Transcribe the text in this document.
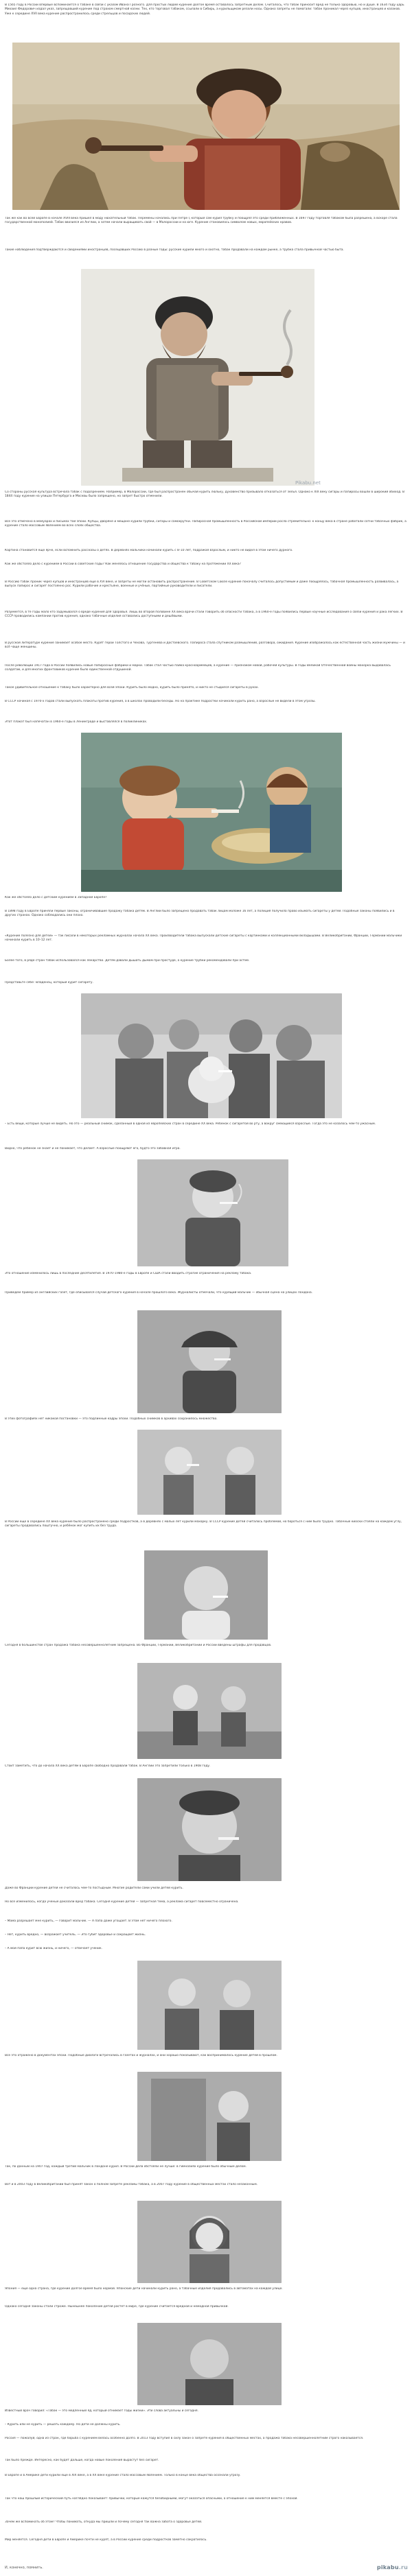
В 1565 году в России впервые вспоминается о табаке в связи с указом Ивана Грозного. Для простых людей курение долгое время оставалось запретным делом. Считалось, что табак приносит вред не только здоровью, но и душе. В 1634 году царь Михаил Федорович издал указ, запрещавший курение под страхом смертной казни. Тех, кто торговал табаком, ссылали в Сибирь, а курильщикам резали носы. Однако запреты не помогали: табак проникал через купцов, иностранцев и казаков. Уже к середине XVII века курение распространилось среди стрельцов и посадских людей.
Так же как во всей Европе в начале XVIII века пришёл в моду нюхательный табак. Перемены начались при Петре I, который сам курил трубку и поощрял это среди приближённых. В 1697 году торговля табаком была разрешена, а вскоре стала государственной монополией. Табак ввозился из Англии, а затем начали выращивать свой — в Малороссии и на юге. Курение становилось символом новых, европейских нравов.
Такие наблюдения подтверждаются и сведениями иностранцев, посещавших Россию в разные годы: русские курили много и охотно, табак продавали на каждом рынке, а трубка стала привычной частью быта.
Pikabu.net
Со стороны русская культура встречала табак с подозрением. Например, в Малороссии, где был распространён обычай курить люльку, духовенство призывало отказаться от зелья. Однако к XIX веку сигары и папиросы вошли в широкий обиход. В 1844 году курение на улицах Петербурга и Москвы было запрещено, но запрет быстро отменили.
Всё это отмечено в мемуарах и письмах той эпохи. Купцы, дворяне и мещане курили трубки, сигары и самокрутки. Папиросная промышленность в Российской империи росла стремительно: к концу века в стране работали сотни табачных фабрик, а курение стало массовым явлением во всех слоях общества.
Картина становится ещё ярче, если вспомнить рассказы о детях. В деревнях мальчики начинали курить с 8–10 лет, подражая взрослым, и никто не видел в этом ничего дурного.
Как же обстояло дело с курением в России в советские годы? Как менялось отношение государства и общества к табаку на протяжении XX века?
В Россию табак проник через купцов и иностранцев ещё в XVI веке, и запреты не могли остановить распространение. В Советском Союзе курение поначалу считалось допустимым и даже поощрялось, табачная промышленность развивалась, а выпуск папирос и сигарет постоянно рос. Курили рабочие и крестьяне, военные и учёные, партийные руководители и писатели.
Разумеется, в те годы мало кто задумывался о вреде курения для здоровья. Лишь во второй половине XX века врачи стали говорить об опасности табака, а в 1960-е годы появились первые научные исследования о связи курения и рака лёгких. В СССР проводились кампании против курения, однако табачные изделия оставались доступными и дешёвыми.
В русской литературе курение занимает особое место. Курят герои Толстого и Чехова, Тургенева и Достоевского. Папироса стала спутником размышлений, разговора, ожидания. Курение изображалось как естественная часть жизни мужчины — и всё чаще женщины.
После революции 1917 года в России появились новые папиросные фабрики и марки. Табак стал частью пайка красноармейцев, а курение — признаком новой, рабочей культуры. В годы Великой Отечественной войны махорка выдавалась солдатам, и для многих фронтовиков курение было единственной отдушиной.
Такое удивительное отношение к табаку было характерно для всей эпохи. Курить было модно, курить было принято, и никто не стыдился сигареты в руках.
В СССР начиная с 1970-х годов стали выпускать плакаты против курения, а в школах проводили беседы. Но на практике подростки начинали курить рано, а взрослые не видели в этом угрозы.
Этот плакат был напечатан в 1960-е годы в Ленинграде и выставлялся в поликлиниках.
Как же обстояло дело с детским курением в Западной Европе?
В 1898 году в Европе приняли первые законы, ограничивавшие продажу табака детям. В Англии было запрещено продавать табак лицам моложе 16 лет, а полиция получила право изымать сигареты у детей. Подобные законы появились и в других странах. Однако соблюдались они плохо.
«Курение полезно для детей» — так писали в некоторых рекламных журналах начала XX века. Производители табака выпускали детские сигареты с картинками и коллекционными вкладышами. В Великобритании, Франции, Германии мальчики начинали курить в 10–12 лет.
Более того, в ряде стран табак использовался как лекарство. Детям давали дышать дымом при простуде, а курение трубки рекомендовали при астме.
Представьте себе: младенец, который курит сигарету.
– Есть вещи, которые лучше не видеть. Но это — реальный снимок, сделанный в одной из европейских стран в середине XX века. Ребёнок с сигаретой во рту, а вокруг смеющиеся взрослые. Тогда это не казалось чем-то ужасным.
Видно, что ребёнок не знает и не понимает, что делает. А взрослые поощряют его, будто это забавная игра.
Это отношение изменилось лишь в последние десятилетия. В 1970–1980-е годы в Европе и США стали вводить строгие ограничения на рекламу табака.
Приведём пример из английских газет, где описывался случай детского курения в начале прошлого века. Журналисты отмечали, что курящий мальчик — обычная сцена на улицах Лондона.
В этих фотографиях нет никакой постановки — это подлинные кадры эпохи. Подобных снимков в архивах сохранилось множество.
В России ещё в середине XX века курение было распространено среди подростков, а в деревнях с малых лет курили махорку. В СССР курение детей считалось проблемой, но бороться с ним было трудно. Табачные киоски стояли на каждом углу, сигареты продавались поштучно, и ребёнок мог купить их без труда.
Сегодня в большинстве стран продажа табака несовершеннолетним запрещена. Во Франции, Германии, Великобритании и России введены штрафы для продавцов.
Стоит заметить, что до начала XX века детям в Европе свободно продавали табак. В Англии это запретили только в 1908 году.
Даже во Франции курение детей не считалось чем-то постыдным. Многие родители сами учили детей курить.
Но всё изменилось, когда учёные доказали вред табака. Сегодня курение детей — запретная тема, а реклама сигарет повсеместно ограничена.
– Мама разрешает мне курить, — говорит мальчик. — А папа даже угощает. В этом нет ничего плохого.
– Нет, курить вредно, — возражает учитель. — Это губит здоровье и сокращает жизнь.
– А мой папа курит всю жизнь, и ничего, — отвечает ученик.
Всё это отражено в документах эпохи. Подобные диалоги встречались в газетах и журналах, и они хорошо показывают, как воспринималось курение детей в прошлом.
Так, по данным на 1907 год, каждый третий мальчик в Лондоне курил. В России дела обстояли не лучше: в гимназиях курение было обычным делом.
Вот и в 2003 году в Великобритании был принят закон о полном запрете рекламы табака, а в 2007 году курение в общественных местах стало незаконным.
Япония — ещё одна страна, где курение долгое время было нормой. Японские дети начинали курить рано, а табачные изделия продавались в автоматах на каждой улице.
Однако сегодня законы стали строже. Нынешнее поколение детей растёт в мире, где курение считается вредной и немодной привычкой.
Известный врач говорил: «Табак — это медленный яд, который отнимает годы жизни». Эти слова актуальны и сегодня.
– Курить или не курить — решать каждому. Но дети не должны курить.
Россия — пожалуй, одна из стран, где борьба с курением велась особенно долго. В 2013 году вступил в силу закон о запрете курения в общественных местах, а продажа табака несовершеннолетним строго наказывается.
Так было прежде. Интересно, как будет дальше, когда новые поколения вырастут без сигарет.
В Европе и в Америке дети курили ещё в XIX веке, а в XX веке курение стало массовым явлением. Только в конце века общества осознали угрозу.
Так что наш прошлый исторический путь наглядно показывает: привычки, которые кажутся безобидными, могут оказаться опасными, а отношение к ним меняется вместе с эпохой.
Зачем же вспоминать об этом? Чтобы понимать, откуда мы пришли и почему сегодня так важна забота о здоровье детей.
Мир меняется. Сегодня дети в Европе и Америке почти не курят, а в России курение среди подростков заметно сократилось.
И, конечно, помнить.	pikabu.ru
